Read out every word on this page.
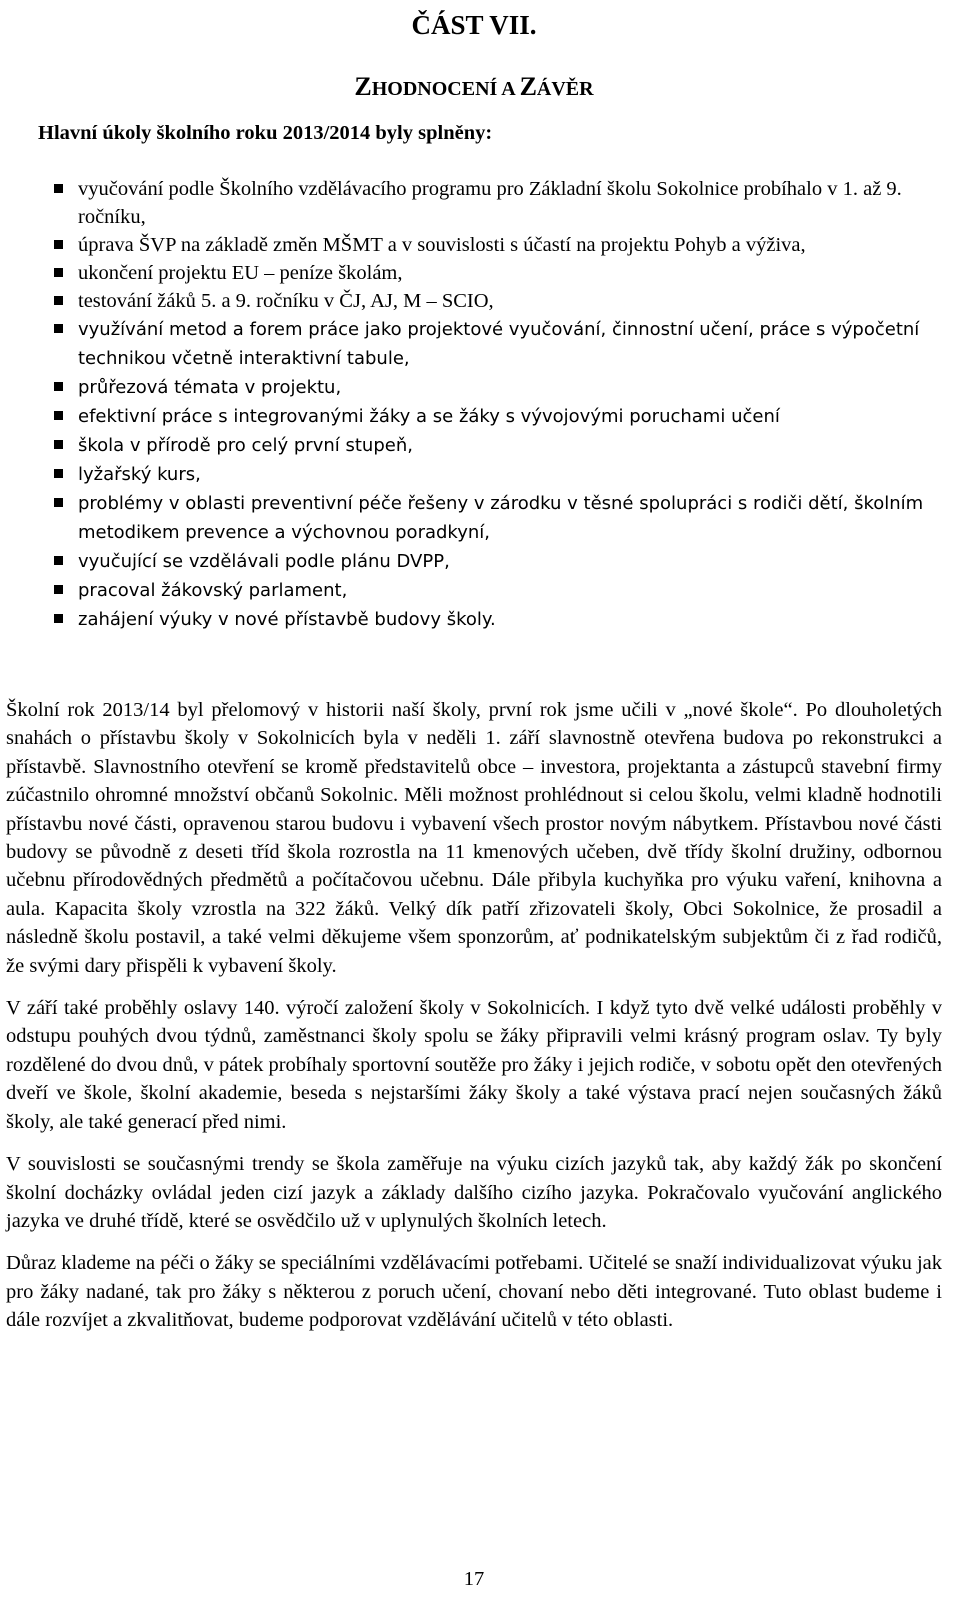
ČÁST VII.
ZHODNOCENÍ A ZÁVĚR
Hlavní úkoly školního roku 2013/2014 byly splněny:
vyučování podle Školního vzdělávacího programu pro Základní školu Sokolnice probíhalo v 1. až 9. ročníku,
úprava ŠVP na základě změn MŠMT a v souvislosti s účastí na projektu Pohyb a výživa,
ukončení projektu EU – peníze školám,
testování žáků 5. a 9. ročníku v ČJ, AJ, M – SCIO,
využívání metod a forem práce jako projektové vyučování, činnostní učení, práce s výpočetní technikou včetně interaktivní tabule,
průřezová témata v projektu,
efektivní práce s integrovanými žáky a se žáky s vývojovými poruchami učení
škola v přírodě pro celý první stupeň,
lyžařský kurs,
problémy v oblasti preventivní péče řešeny v zárodku v těsné spolupráci s rodiči dětí, školním metodikem prevence a výchovnou poradkyní,
vyučující se vzdělávali podle plánu DVPP,
pracoval žákovský parlament,
zahájení výuky v nové přístavbě budovy školy.

Školní rok 2013/14 byl přelomový v historii naší školy, první rok jsme učili v „nové škole“. Po dlouholetých snahách o přístavbu školy v Sokolnicích byla v neděli 1. září slavnostně otevřena budova po rekonstrukci a přístavbě. Slavnostního otevření se kromě představitelů obce – investora, projektanta a zástupců stavební firmy zúčastnilo ohromné množství občanů Sokolnic. Měli možnost prohlédnout si celou školu, velmi kladně hodnotili přístavbu nové části, opravenou starou budovu i vybavení všech prostor novým nábytkem. Přístavbou nové části budovy se původně z deseti tříd škola rozrostla na 11 kmenových učeben, dvě třídy školní družiny, odbornou učebnu přírodovědných předmětů a počítačovou učebnu. Dále přibyla kuchyňka pro výuku vaření, knihovna a aula. Kapacita školy vzrostla na 322 žáků. Velký dík patří zřizovateli školy, Obci Sokolnice, že prosadil a následně školu postavil, a také velmi děkujeme všem sponzorům, ať podnikatelským subjektům či z řad rodičů, že svými dary přispěli k vybavení školy.

V září také proběhly oslavy 140. výročí založení školy v Sokolnicích. I když tyto dvě velké události proběhly v odstupu pouhých dvou týdnů, zaměstnanci školy spolu se žáky připravili velmi krásný program oslav. Ty byly rozdělené do dvou dnů, v pátek probíhaly sportovní soutěže pro žáky i jejich rodiče, v sobotu opět den otevřených dveří ve škole, školní akademie, beseda s nejstaršími žáky školy a také výstava prací nejen současných žáků školy, ale také generací před nimi.

V souvislosti se současnými trendy se škola zaměřuje na výuku cizích jazyků tak, aby každý žák po skončení školní docházky ovládal jeden cizí jazyk a základy dalšího cizího jazyka. Pokračovalo vyučování anglického jazyka ve druhé třídě, které se osvědčilo už v uplynulých školních letech.

Důraz klademe na péči o žáky se speciálními vzdělávacími potřebami. Učitelé se snaží individualizovat výuku jak pro žáky nadané, tak pro žáky s některou z poruch učení, chovaní nebo děti integrované. Tuto oblast budeme i dále rozvíjet a zkvalitňovat, budeme podporovat vzdělávání učitelů v této oblasti.

17
